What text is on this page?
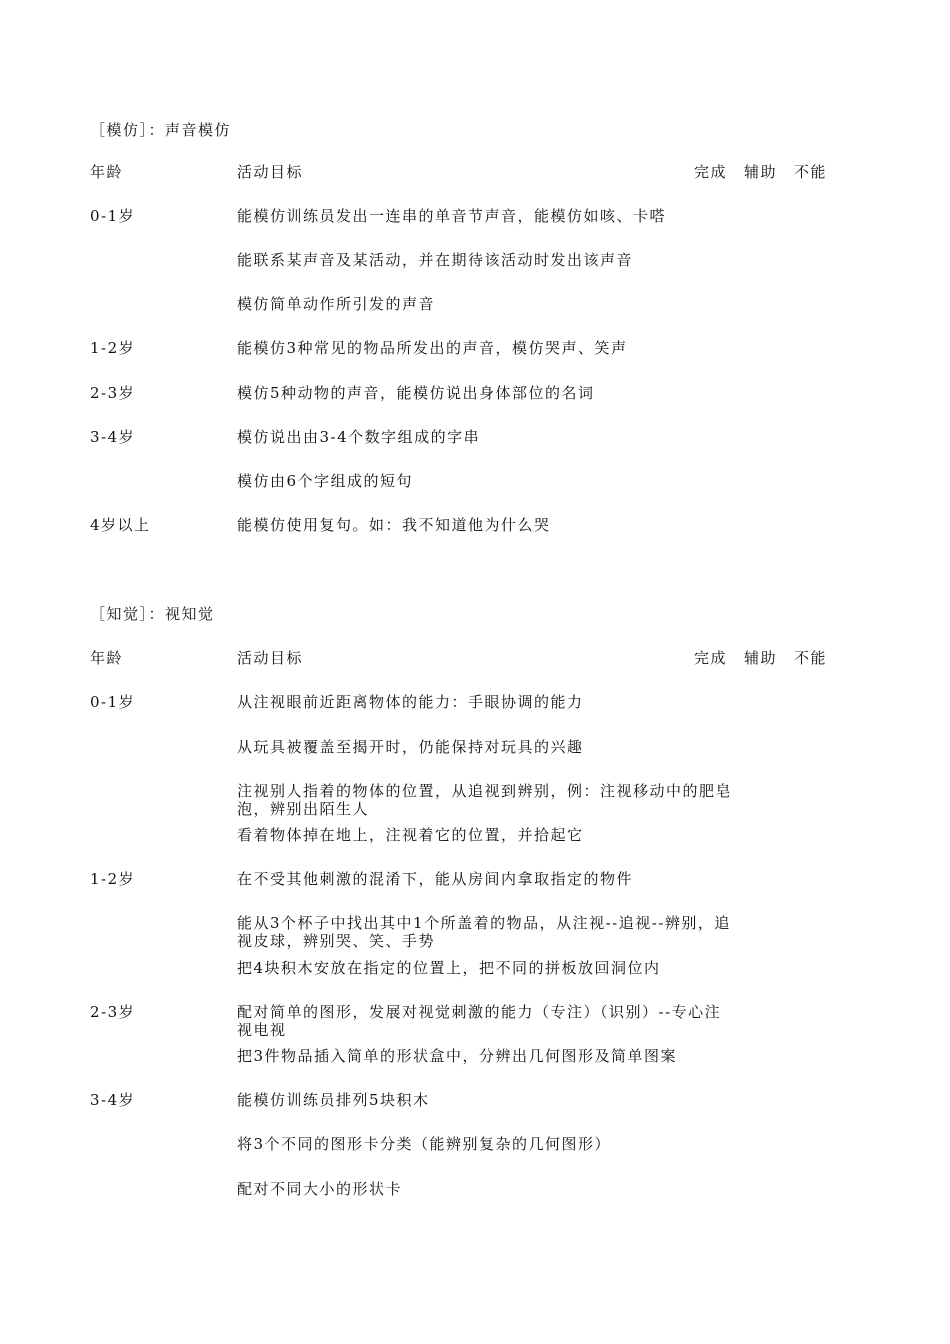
［模仿］：声音模仿
年龄	活动目标	完成 辅助 不能
0-1岁	能模仿训练员发出一连串的单音节声音，能模仿如咳、卡嗒
能联系某声音及某活动，并在期待该活动时发出该声音
模仿简单动作所引发的声音
1-2岁	能模仿3种常见的物品所发出的声音，模仿哭声、笑声
2-3岁	模仿5种动物的声音，能模仿说出身体部位的名词
3-4岁	模仿说出由3-4个数字组成的字串
模仿由6个字组成的短句
4岁以上	能模仿使用复句。如：我不知道他为什么哭
［知觉］：视知觉
年龄	活动目标	完成 辅助 不能
0-1岁	从注视眼前近距离物体的能力：手眼协调的能力
从玩具被覆盖至揭开时，仍能保持对玩具的兴趣
注视别人指着的物体的位置，从追视到辨别，例：注视移动中的肥皂泡，辨别出陌生人
看着物体掉在地上，注视着它的位置，并拾起它
1-2岁	在不受其他刺激的混淆下，能从房间内拿取指定的物件
能从3个杯子中找出其中1个所盖着的物品，从注视--追视--辨别，追视皮球，辨别哭、笑、手势
把4块积木安放在指定的位置上，把不同的拼板放回洞位内
2-3岁	配对简单的图形，发展对视觉刺激的能力（专注）（识别）--专心注视电视
把3件物品插入简单的形状盒中，分辨出几何图形及简单图案
3-4岁	能模仿训练员排列5块积木
将3个不同的图形卡分类（能辨别复杂的几何图形）
配对不同大小的形状卡
